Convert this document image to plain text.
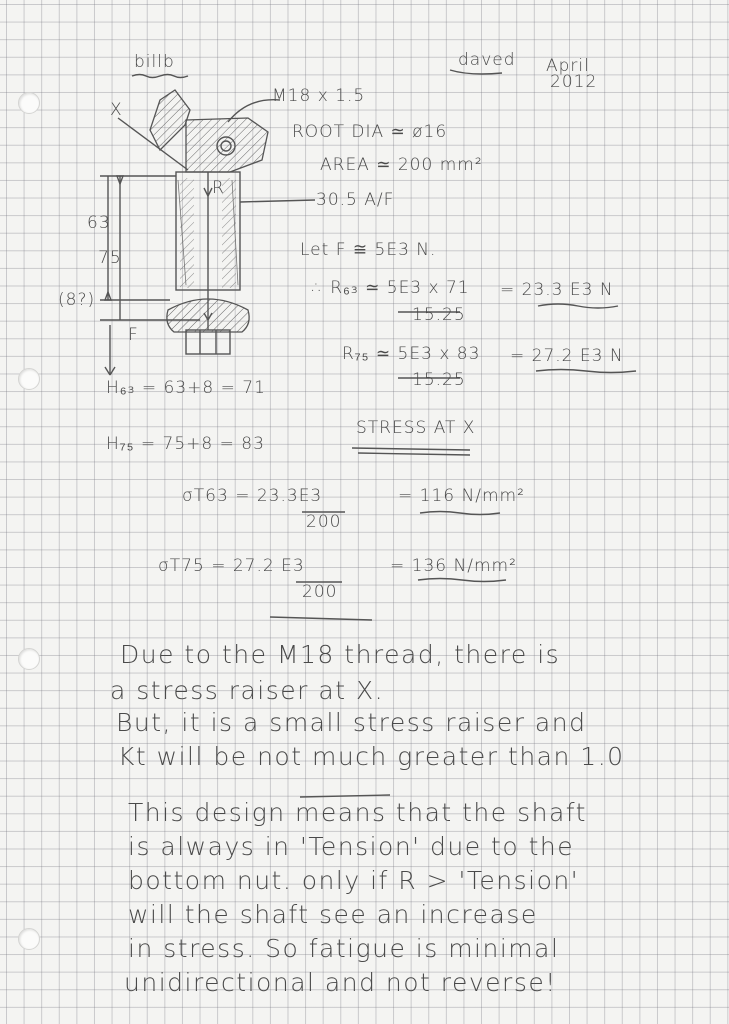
billb	daved April
2012
X
M18 x 1.5
63
75
(8?)
R
F
30.5 A/F
ROOT DIA ≃ ø16
AREA ≃ 200 mm²
Let F ≅ 5E3 N.
∴ R₆₃ ≃ 5E3 x 71
15.25
= 23.3 E3 N
R₇₅ ≃ 5E3 x 83
15.25
= 27.2 E3 N
H₆₃ = 63+8 = 71
H₇₅ = 75+8 = 83
STRESS AT X
σT63 = 23.3E3
200
= 116 N/mm²
σT75 = 27.2 E3
200
= 136 N/mm²
Due to the M18 thread, there is
a stress raiser at X.
But, it is a small stress raiser and
Kt will be not much greater than 1.0
This design means that the shaft
is always in 'Tension' due to the
bottom nut. only if R > 'Tension'
will the shaft see an increase
in stress. So fatigue is minimal
unidirectional and not reverse!
